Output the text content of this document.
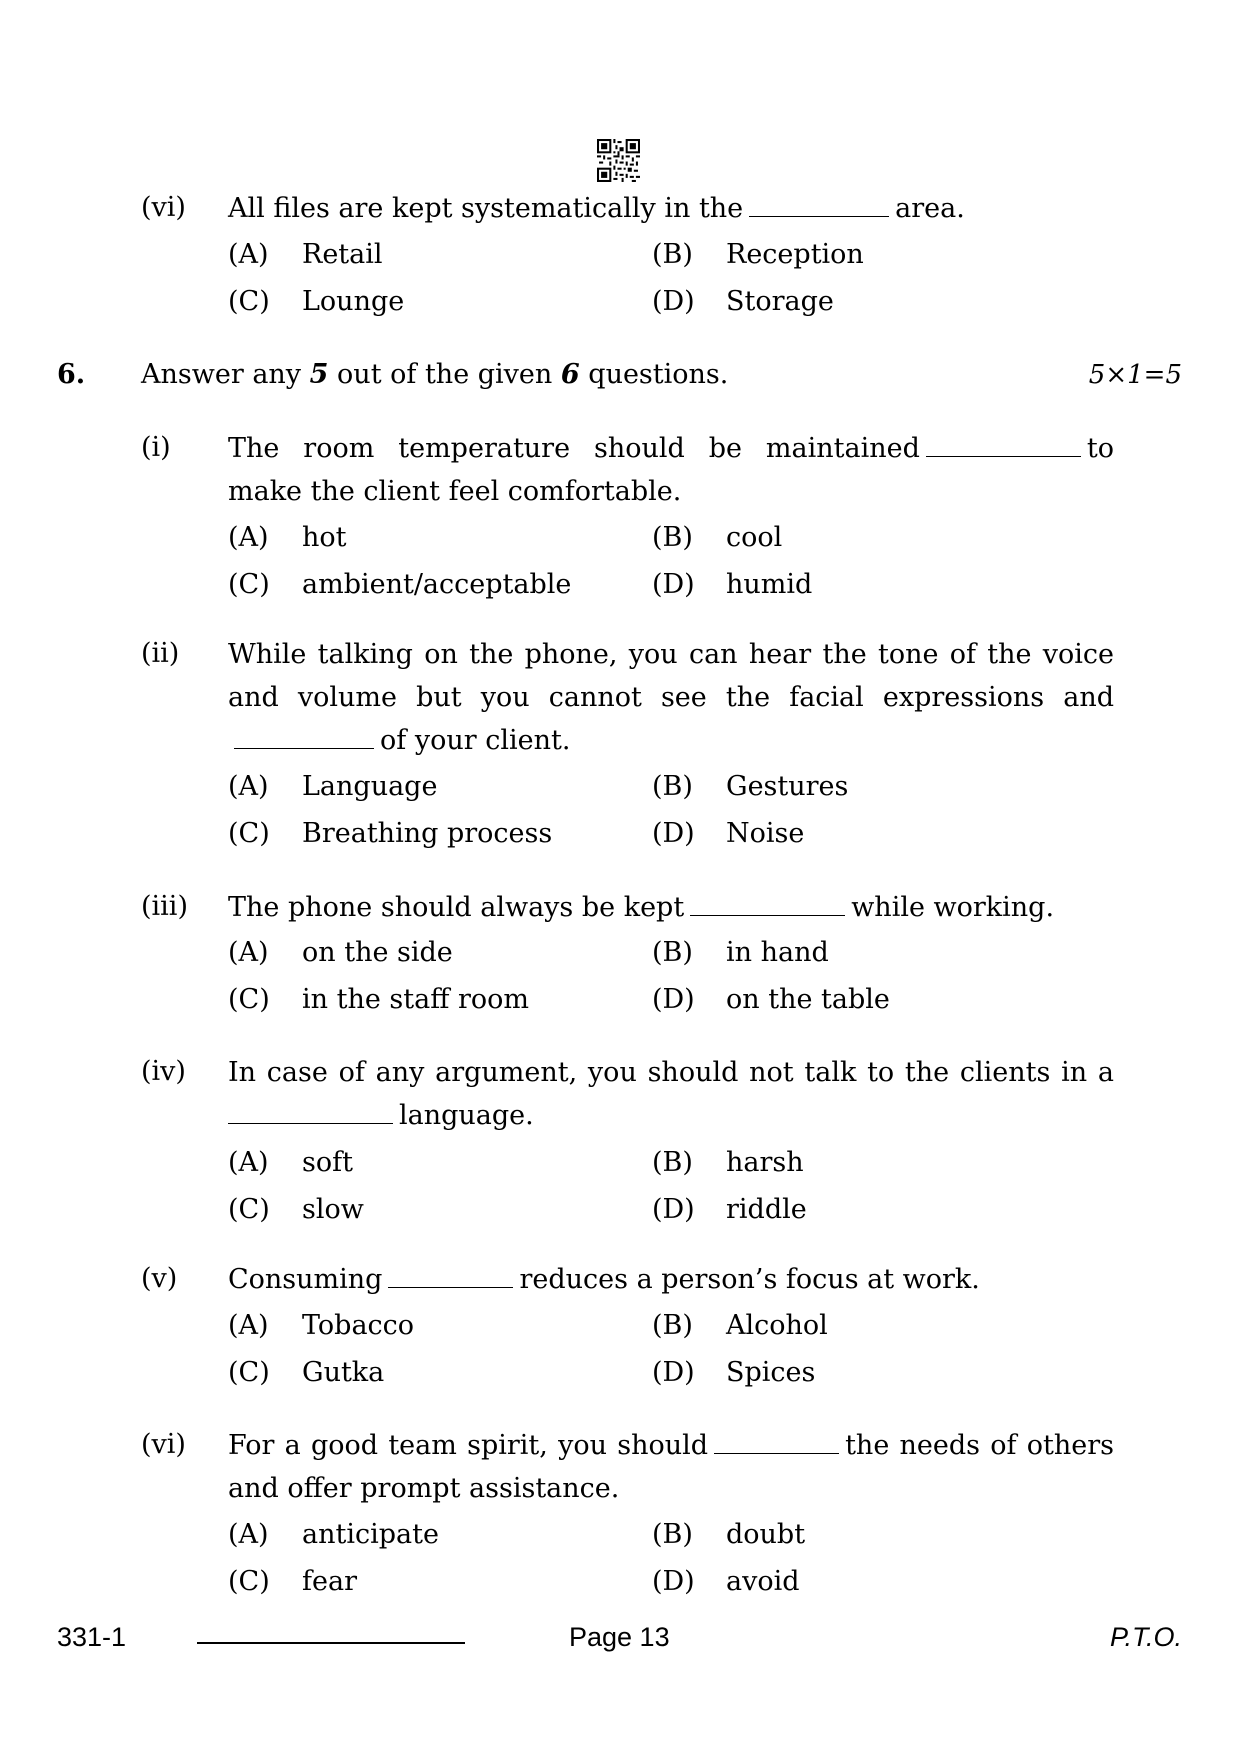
(vi) All files are kept systematically in the	area.
(A) Retail	(B) Reception
(C) Lounge	(D) Storage
6. Answer any 5 out of the given 6 questions.	5×1=5
(i) The room temperature should be maintained	to make the client feel comfortable.
(A) hot	(B) cool
(C) ambient/acceptable	(D) humid
(ii) While talking on the phone, you can hear the tone of the voice and volume but you cannot see the facial expressions andof your client.
(A) Language	(B) Gestures
(C) Breathing process	(D) Noise
(iii) The phone should always be kept	while working.
(A) on the side	(B) in hand
(C) in the staff room	(D) on the table
(iv) In case of any argument, you should not talk to the clients in alanguage.
(A) soft	(B) harsh
(C) slow	(D) riddle
(v) Consuming	reduces a person’s focus at work.
(A) Tobacco	(B) Alcohol
(C) Gutka	(D) Spices
(vi) For a good team spirit, you should	the needs of others and offer prompt assistance.
(A) anticipate	(B) doubt
(C) fear	(D) avoid
331-1	Page 13	P.T.O.
